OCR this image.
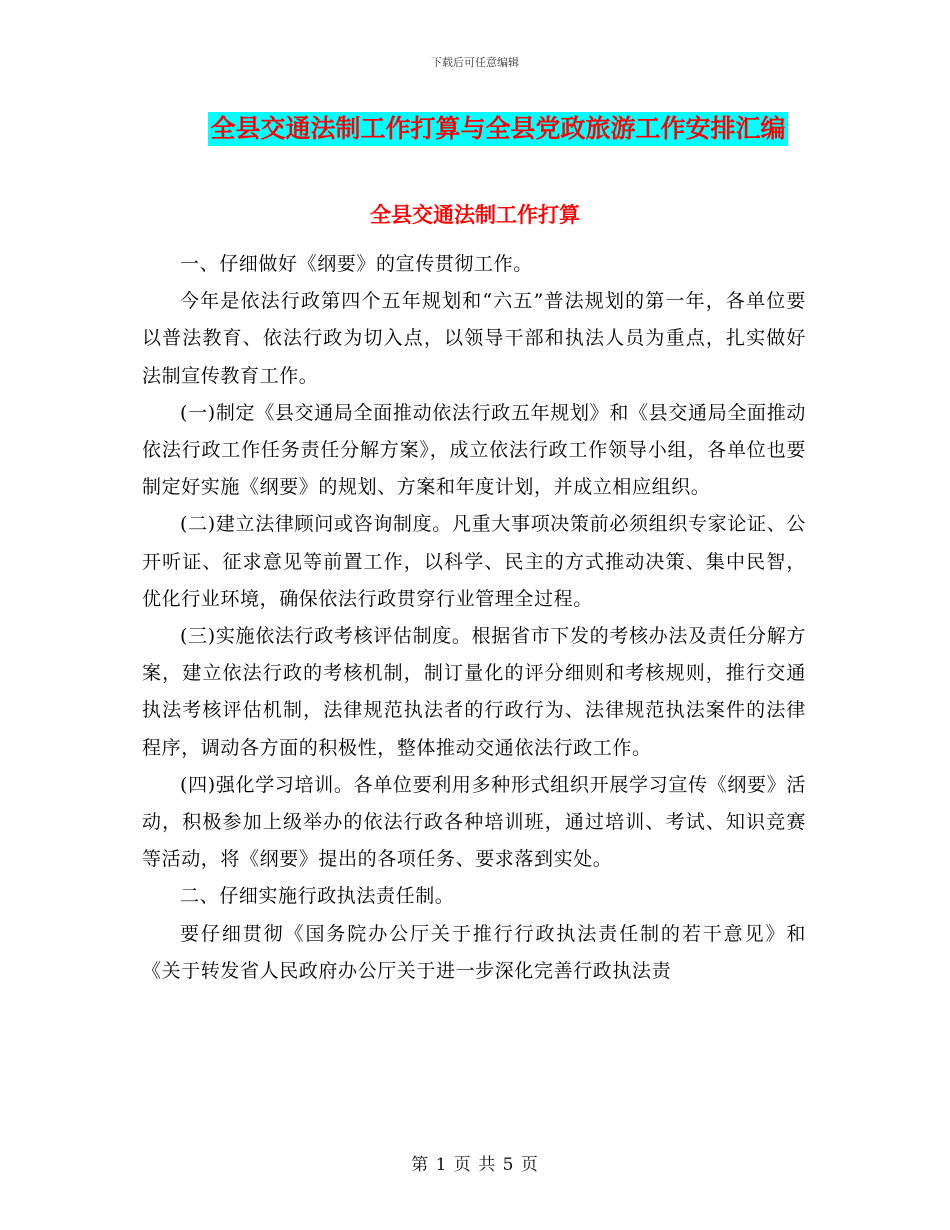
下载后可任意编辑
全县交通法制工作打算与全县党政旅游工作安排汇编
全县交通法制工作打算

一、仔细做好《纲要》的宣传贯彻工作。

今年是依法行政第四个五年规划和“六五”普法规划的第一年，各单位要以普法教育、依法行政为切入点，以领导干部和执法人员为重点，扎实做好法制宣传教育工作。

(一)制定《县交通局全面推动依法行政五年规划》和《县交通局全面推动依法行政工作任务责任分解方案》，成立依法行政工作领导小组，各单位也要制定好实施《纲要》的规划、方案和年度计划，并成立相应组织。

(二)建立法律顾问或咨询制度。凡重大事项决策前必须组织专家论证、公开听证、征求意见等前置工作，以科学、民主的方式推动决策、集中民智，优化行业环境，确保依法行政贯穿行业管理全过程。

(三)实施依法行政考核评估制度。根据省市下发的考核办法及责任分解方案，建立依法行政的考核机制，制订量化的评分细则和考核规则，推行交通执法考核评估机制，法律规范执法者的行政行为、法律规范执法案件的法律程序，调动各方面的积极性，整体推动交通依法行政工作。

(四)强化学习培训。各单位要利用多种形式组织开展学习宣传《纲要》活动，积极参加上级举办的依法行政各种培训班，通过培训、考试、知识竞赛等活动，将《纲要》提出的各项任务、要求落到实处。

二、仔细实施行政执法责任制。

要仔细贯彻《国务院办公厅关于推行行政执法责任制的若干意见》和《关于转发省人民政府办公厅关于进一步深化完善行政执法责

第 1 页 共 5 页
